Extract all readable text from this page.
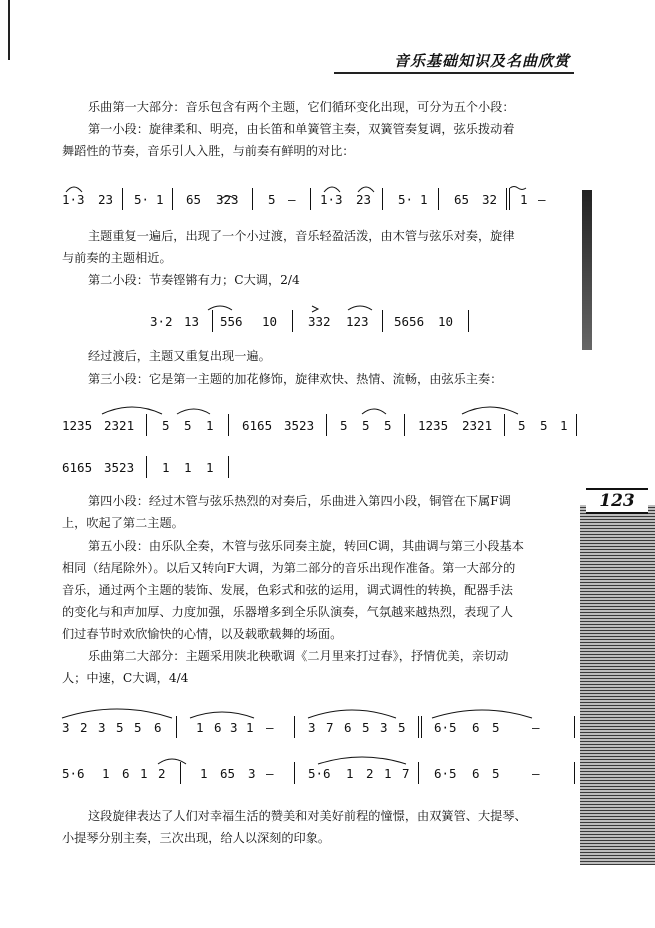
音乐基础知识及名曲欣赏
123
乐曲第一大部分：音乐包含有两个主题，它们循环变化出现，可分为五个小段：
第一小段：旋律柔和、明亮，由长笛和单簧管主奏，双簧管奏复调，弦乐拨动着
舞蹈性的节奏，音乐引人入胜，与前奏有鲜明的对比：
1·3 23 5· 1 65 323 5 – 1·3 23 5· 1 65 32 1 –
主题重复一遍后，出现了一个小过渡，音乐轻盈活泼，由木管与弦乐对奏，旋律
与前奏的主题相近。
第二小段：节奏铿锵有力；C大调，2/4
3·2 13 556 10 332 123 5656 10
经过渡后，主题又重复出现一遍。
第三小段：它是第一主题的加花修饰，旋律欢快、热情、流畅，由弦乐主奏：
1235 2321 5 5 1 6165 3523 5 5 5 1235 2321 5 5 1
6165 3523 1 1 1
第四小段：经过木管与弦乐热烈的对奏后，乐曲进入第四小段，铜管在下属F调
上，吹起了第二主题。
第五小段：由乐队全奏，木管与弦乐同奏主旋，转回C调，其曲调与第三小段基本
相同（结尾除外）。以后又转向F大调，为第二部分的音乐出现作准备。第一大部分的
音乐，通过两个主题的装饰、发展，色彩式和弦的运用，调式调性的转换，配器手法
的变化与和声加厚、力度加强，乐器增多到全乐队演奏，气氛越来越热烈，表现了人
们过春节时欢欣愉快的心情，以及载歌载舞的场面。
乐曲第二大部分：主题采用陕北秧歌调《二月里来打过春》，抒情优美，亲切动
人；中速，C大调，4/4
3 2 3 5 5 6	1 6 3 1 –	3 7 6 5 3 5 6·5 6 5	–
5·6 1 6 1 2	1 65 3 –	5·6 1 2 1 7 6·5 6 5	–
这段旋律表达了人们对幸福生活的赞美和对美好前程的憧憬，由双簧管、大提琴、
小提琴分别主奏，三次出现，给人以深刻的印象。
